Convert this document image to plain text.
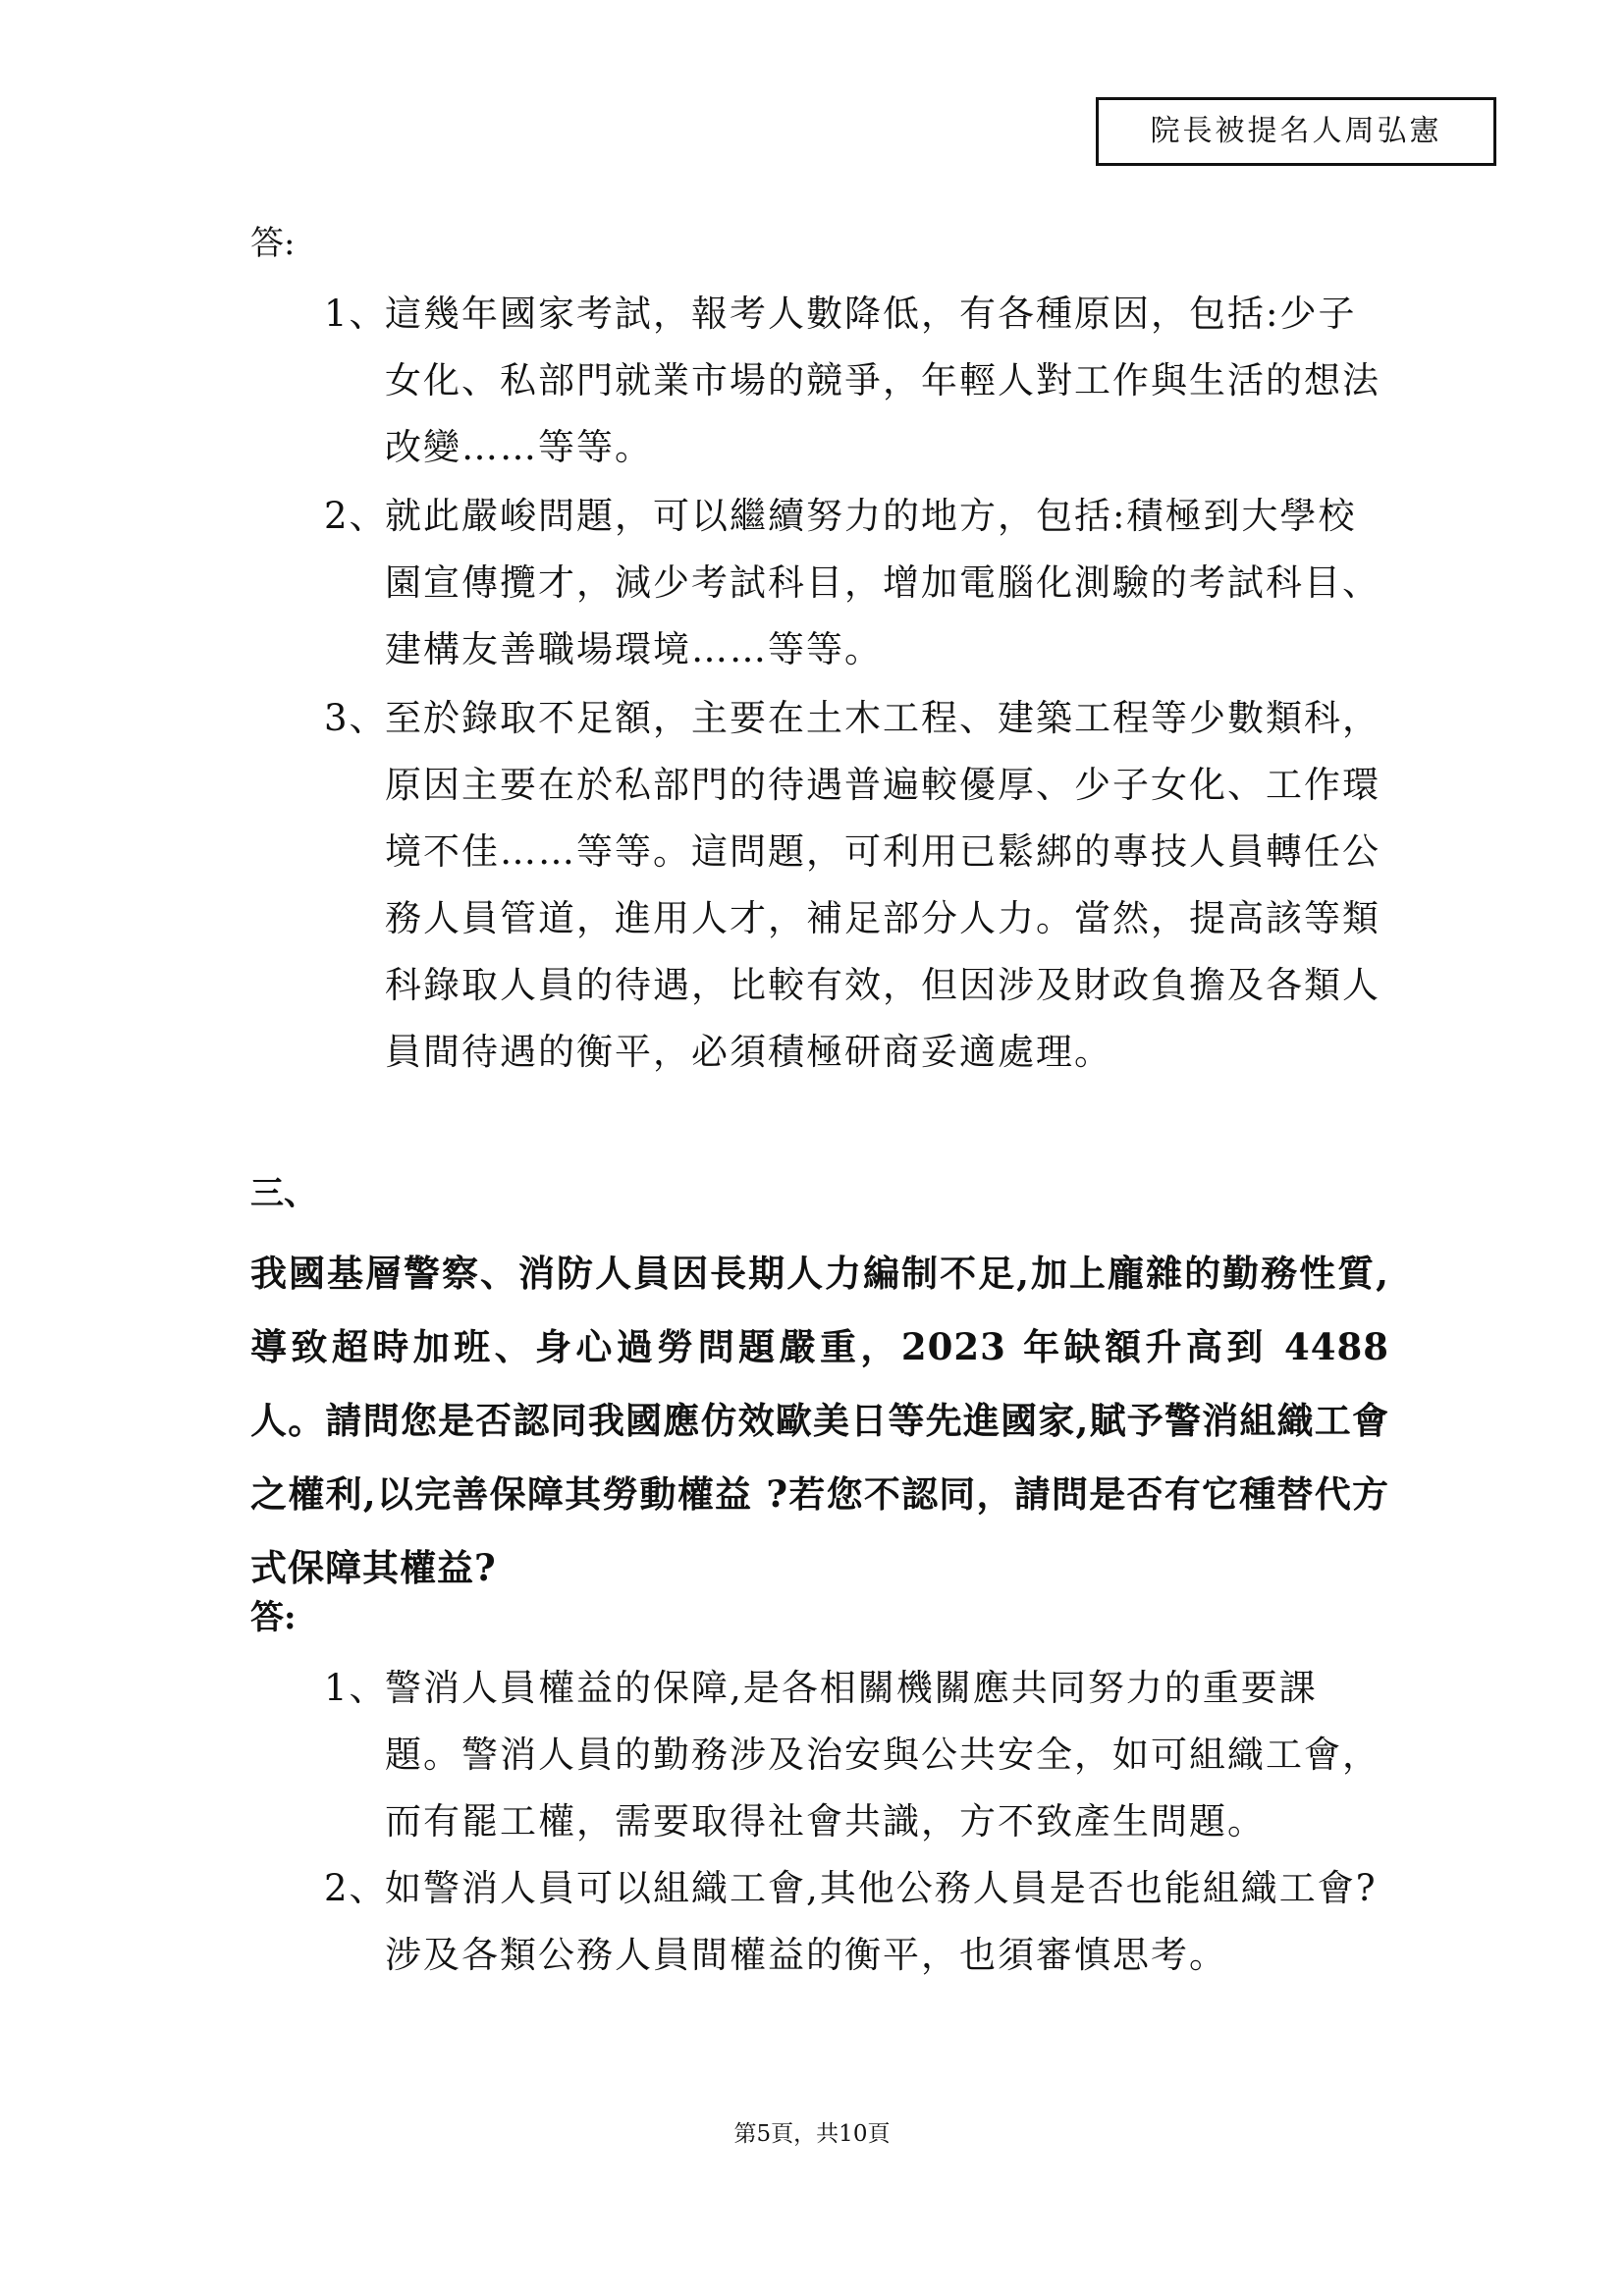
院長被提名人周弘憲
答:
1、
這幾年國家考試，報考人數降低，有各種原因，包括:少子女化、私部門就業市場的競爭，年輕人對工作與生活的想法改變……等等。
2、
就此嚴峻問題，可以繼續努力的地方，包括:積極到大學校園宣傳攬才，減少考試科目，增加電腦化測驗的考試科目、建構友善職場環境……等等。
3、
至於錄取不足額，主要在土木工程、建築工程等少數類科，原因主要在於私部門的待遇普遍較優厚、少子女化、工作環境不佳……等等。這問題，可利用已鬆綁的專技人員轉任公務人員管道，進用人才，補足部分人力。當然，提高該等類科錄取人員的待遇，比較有效，但因涉及財政負擔及各類人員間待遇的衡平，必須積極研商妥適處理。
三、
我國基層警察、消防人員因長期人力編制不足,加上龐雜的勤務性質,導致超時加班、身心過勞問題嚴重，2023 年缺額升高到 4488 人。請問您是否認同我國應仿效歐美日等先進國家,賦予警消組織工會之權利,以完善保障其勞動權益 ?若您不認同，請問是否有它種替代方式保障其權益?
答:
1、
警消人員權益的保障,是各相關機關應共同努力的重要課題。警消人員的勤務涉及治安與公共安全，如可組織工會，而有罷工權，需要取得社會共識，方不致產生問題。
2、
如警消人員可以組織工會,其他公務人員是否也能組織工會?涉及各類公務人員間權益的衡平，也須審慎思考。
第5頁，共10頁
